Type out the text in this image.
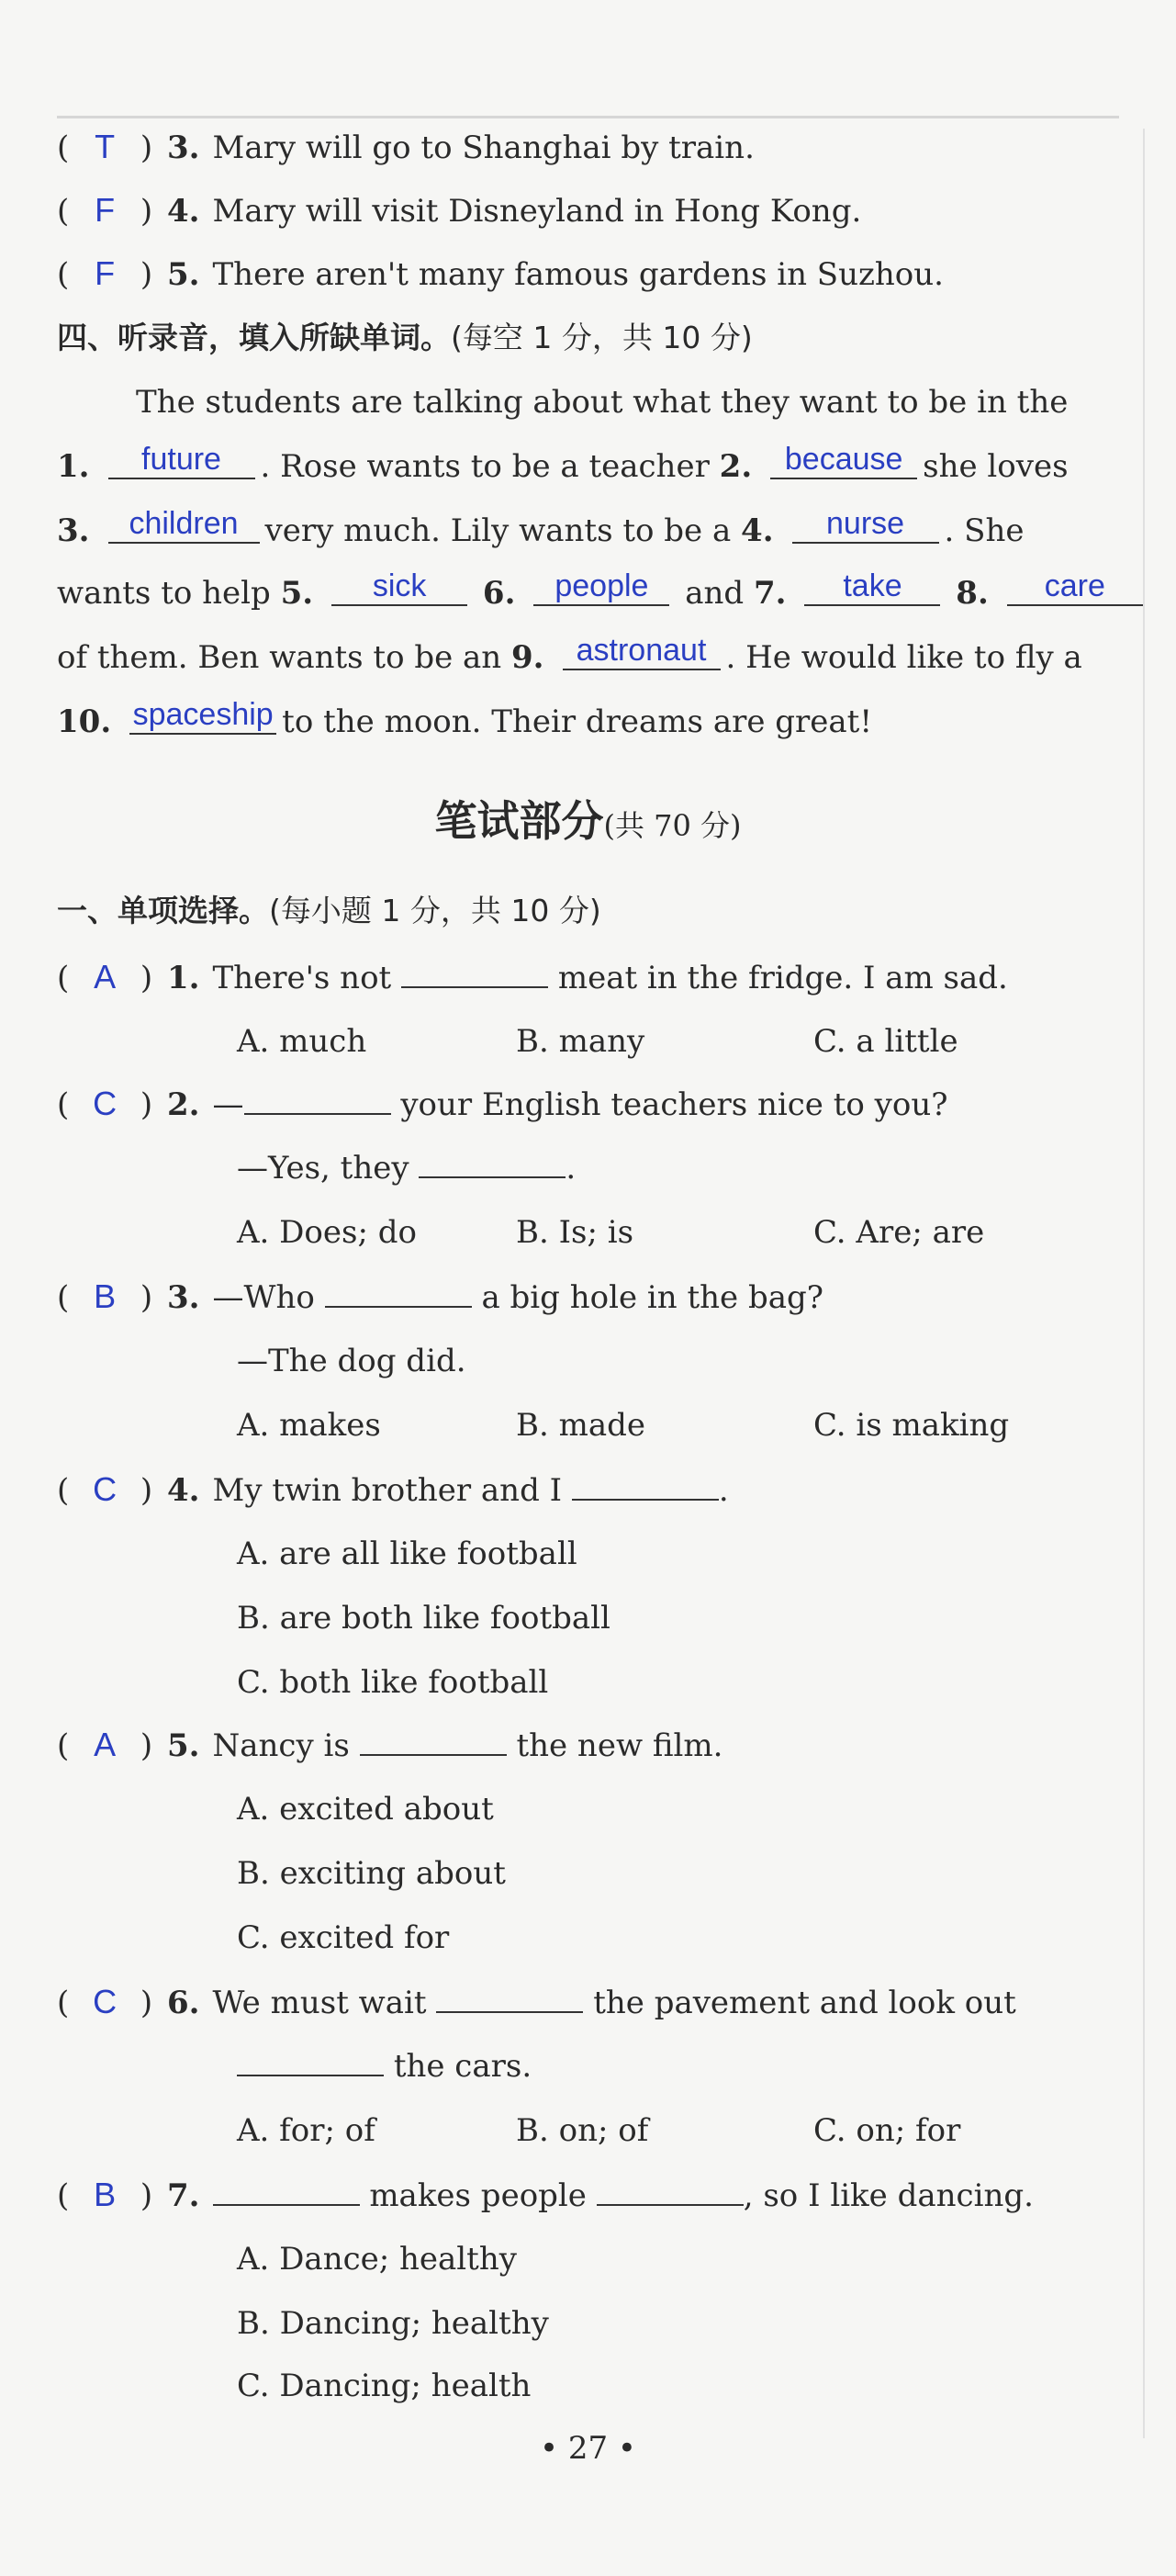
( T ) 3. Mary will go to Shanghai by train.
( F ) 4. Mary will visit Disneyland in Hong Kong.
( F ) 5. There aren't many famous gardens in Suzhou.
四、听录音，填入所缺单词。(每空 1 分，共 10 分)
The students are talking about what they want to be in the
1. future . Rose wants to be a teacher 2. because she loves
3. children very much. Lily wants to be a 4. nurse . She
wants to help 5. sick 6. people and 7. take 8. care
of them. Ben wants to be an 9. astronaut . He would like to fly a
10. spaceship to the moon. Their dreams are great!
笔试部分(共 70 分)
一、单项选择。(每小题 1 分，共 10 分)
( A ) 1. There's not	meat in the fridge. I am sad.
A. much	B. many	C. a little
( C ) 2. —	your English teachers nice to you?
—Yes, they	.
A. Does; do	B. Is; is	C. Are; are
( B ) 3. —Who	a big hole in the bag?
—The dog did.
A. makes	B. made	C. is making
( C ) 4. My twin brother and I	.
A. are all like football
B. are both like football
C. both like football
( A ) 5. Nancy is	the new film.
A. excited about
B. exciting about
C. excited for
( C ) 6. We must wait	the pavement and look out
the cars.
A. for; of	B. on; of	C. on; for
( B ) 7.	makes people	, so I like dancing.
A. Dance; healthy
B. Dancing; healthy
C. Dancing; health
• 27 •
